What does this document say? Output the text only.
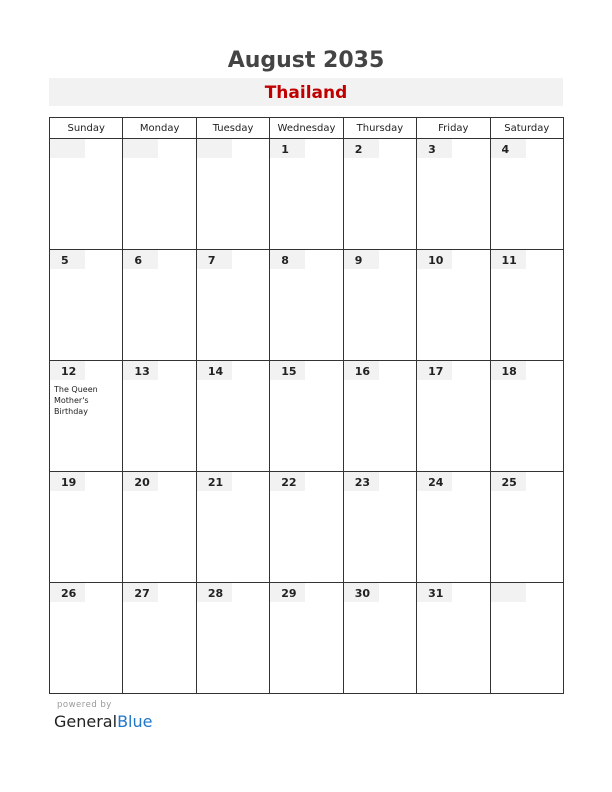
August 2035
Thailand
Sunday	Monday	Tuesday	Wednesday	Thursday	Friday	Saturday

			1	2	3	4

5	6	7	8	9	10	11

12
The Queen Mother's Birthday	13	14	15	16	17	18

19	20	21	22	23	24	25

26	27	28	29	30	31	

powered by
GeneralBlue
